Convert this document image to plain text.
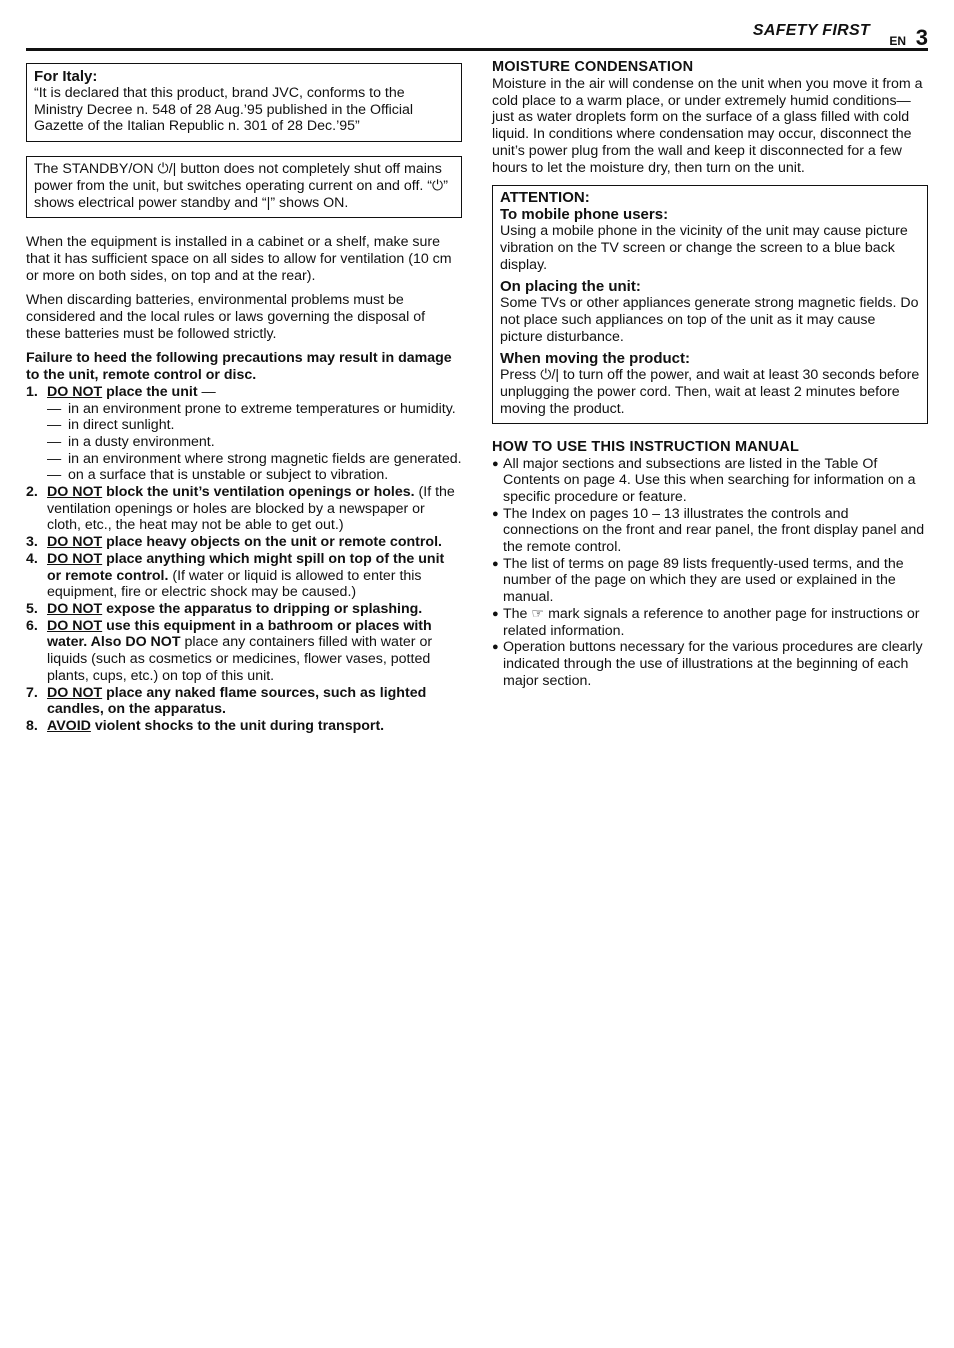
SAFETY FIRST
EN 3
For Italy:

“It is declared that this product, brand JVC, conforms to the Ministry Decree n. 548 of 28 Aug.’95 published in the Official Gazette of the Italian Republic n. 301 of 28 Dec.’95”

The STANDBY/ON ⏻/| button does not completely shut off mains power from the unit, but switches operating current on and off. “⏻” shows electrical power standby and “|” shows ON.

When the equipment is installed in a cabinet or a shelf, make sure that it has sufficient space on all sides to allow for ventilation (10 cm or more on both sides, on top and at the rear).

When discarding batteries, environmental problems must be considered and the local rules or laws governing the disposal of these batteries must be followed strictly.

Failure to heed the following precautions may result in damage to the unit, remote control or disc.

1. DO NOT place the unit —
— in an environment prone to extreme temperatures or humidity.
— in direct sunlight.
— in a dusty environment.
— in an environment where strong magnetic fields are generated.
— on a surface that is unstable or subject to vibration.
2. DO NOT block the unit’s ventilation openings or holes. (If the ventilation openings or holes are blocked by a newspaper or cloth, etc., the heat may not be able to get out.)
3. DO NOT place heavy objects on the unit or remote control.
4. DO NOT place anything which might spill on top of the unit or remote control. (If water or liquid is allowed to enter this equipment, fire or electric shock may be caused.)
5. DO NOT expose the apparatus to dripping or splashing.
6. DO NOT use this equipment in a bathroom or places with water. Also DO NOT place any containers filled with water or liquids (such as cosmetics or medicines, flower vases, potted plants, cups, etc.) on top of this unit.
7. DO NOT place any naked flame sources, such as lighted candles, on the apparatus.
8. AVOID violent shocks to the unit during transport.
MOISTURE CONDENSATION

Moisture in the air will condense on the unit when you move it from a cold place to a warm place, or under extremely humid conditions—just as water droplets form on the surface of a glass filled with cold liquid. In conditions where condensation may occur, disconnect the unit’s power plug from the wall and keep it disconnected for a few hours to let the moisture dry, then turn on the unit.

ATTENTION:
To mobile phone users:

Using a mobile phone in the vicinity of the unit may cause picture vibration on the TV screen or change the screen to a blue back display.

On placing the unit:

Some TVs or other appliances generate strong magnetic fields. Do not place such appliances on top of the unit as it may cause picture disturbance.

When moving the product:

Press ⏻/| to turn off the power, and wait at least 30 seconds before unplugging the power cord. Then, wait at least 2 minutes before moving the product.

HOW TO USE THIS INSTRUCTION MANUAL
● All major sections and subsections are listed in the Table Of Contents on page 4. Use this when searching for information on a specific procedure or feature.
● The Index on pages 10 – 13 illustrates the controls and connections on the front and rear panel, the front display panel and the remote control.
● The list of terms on page 89 lists frequently-used terms, and the number of the page on which they are used or explained in the manual.
● The ☞ mark signals a reference to another page for instructions or related information.
● Operation buttons necessary for the various procedures are clearly indicated through the use of illustrations at the beginning of each major section.
